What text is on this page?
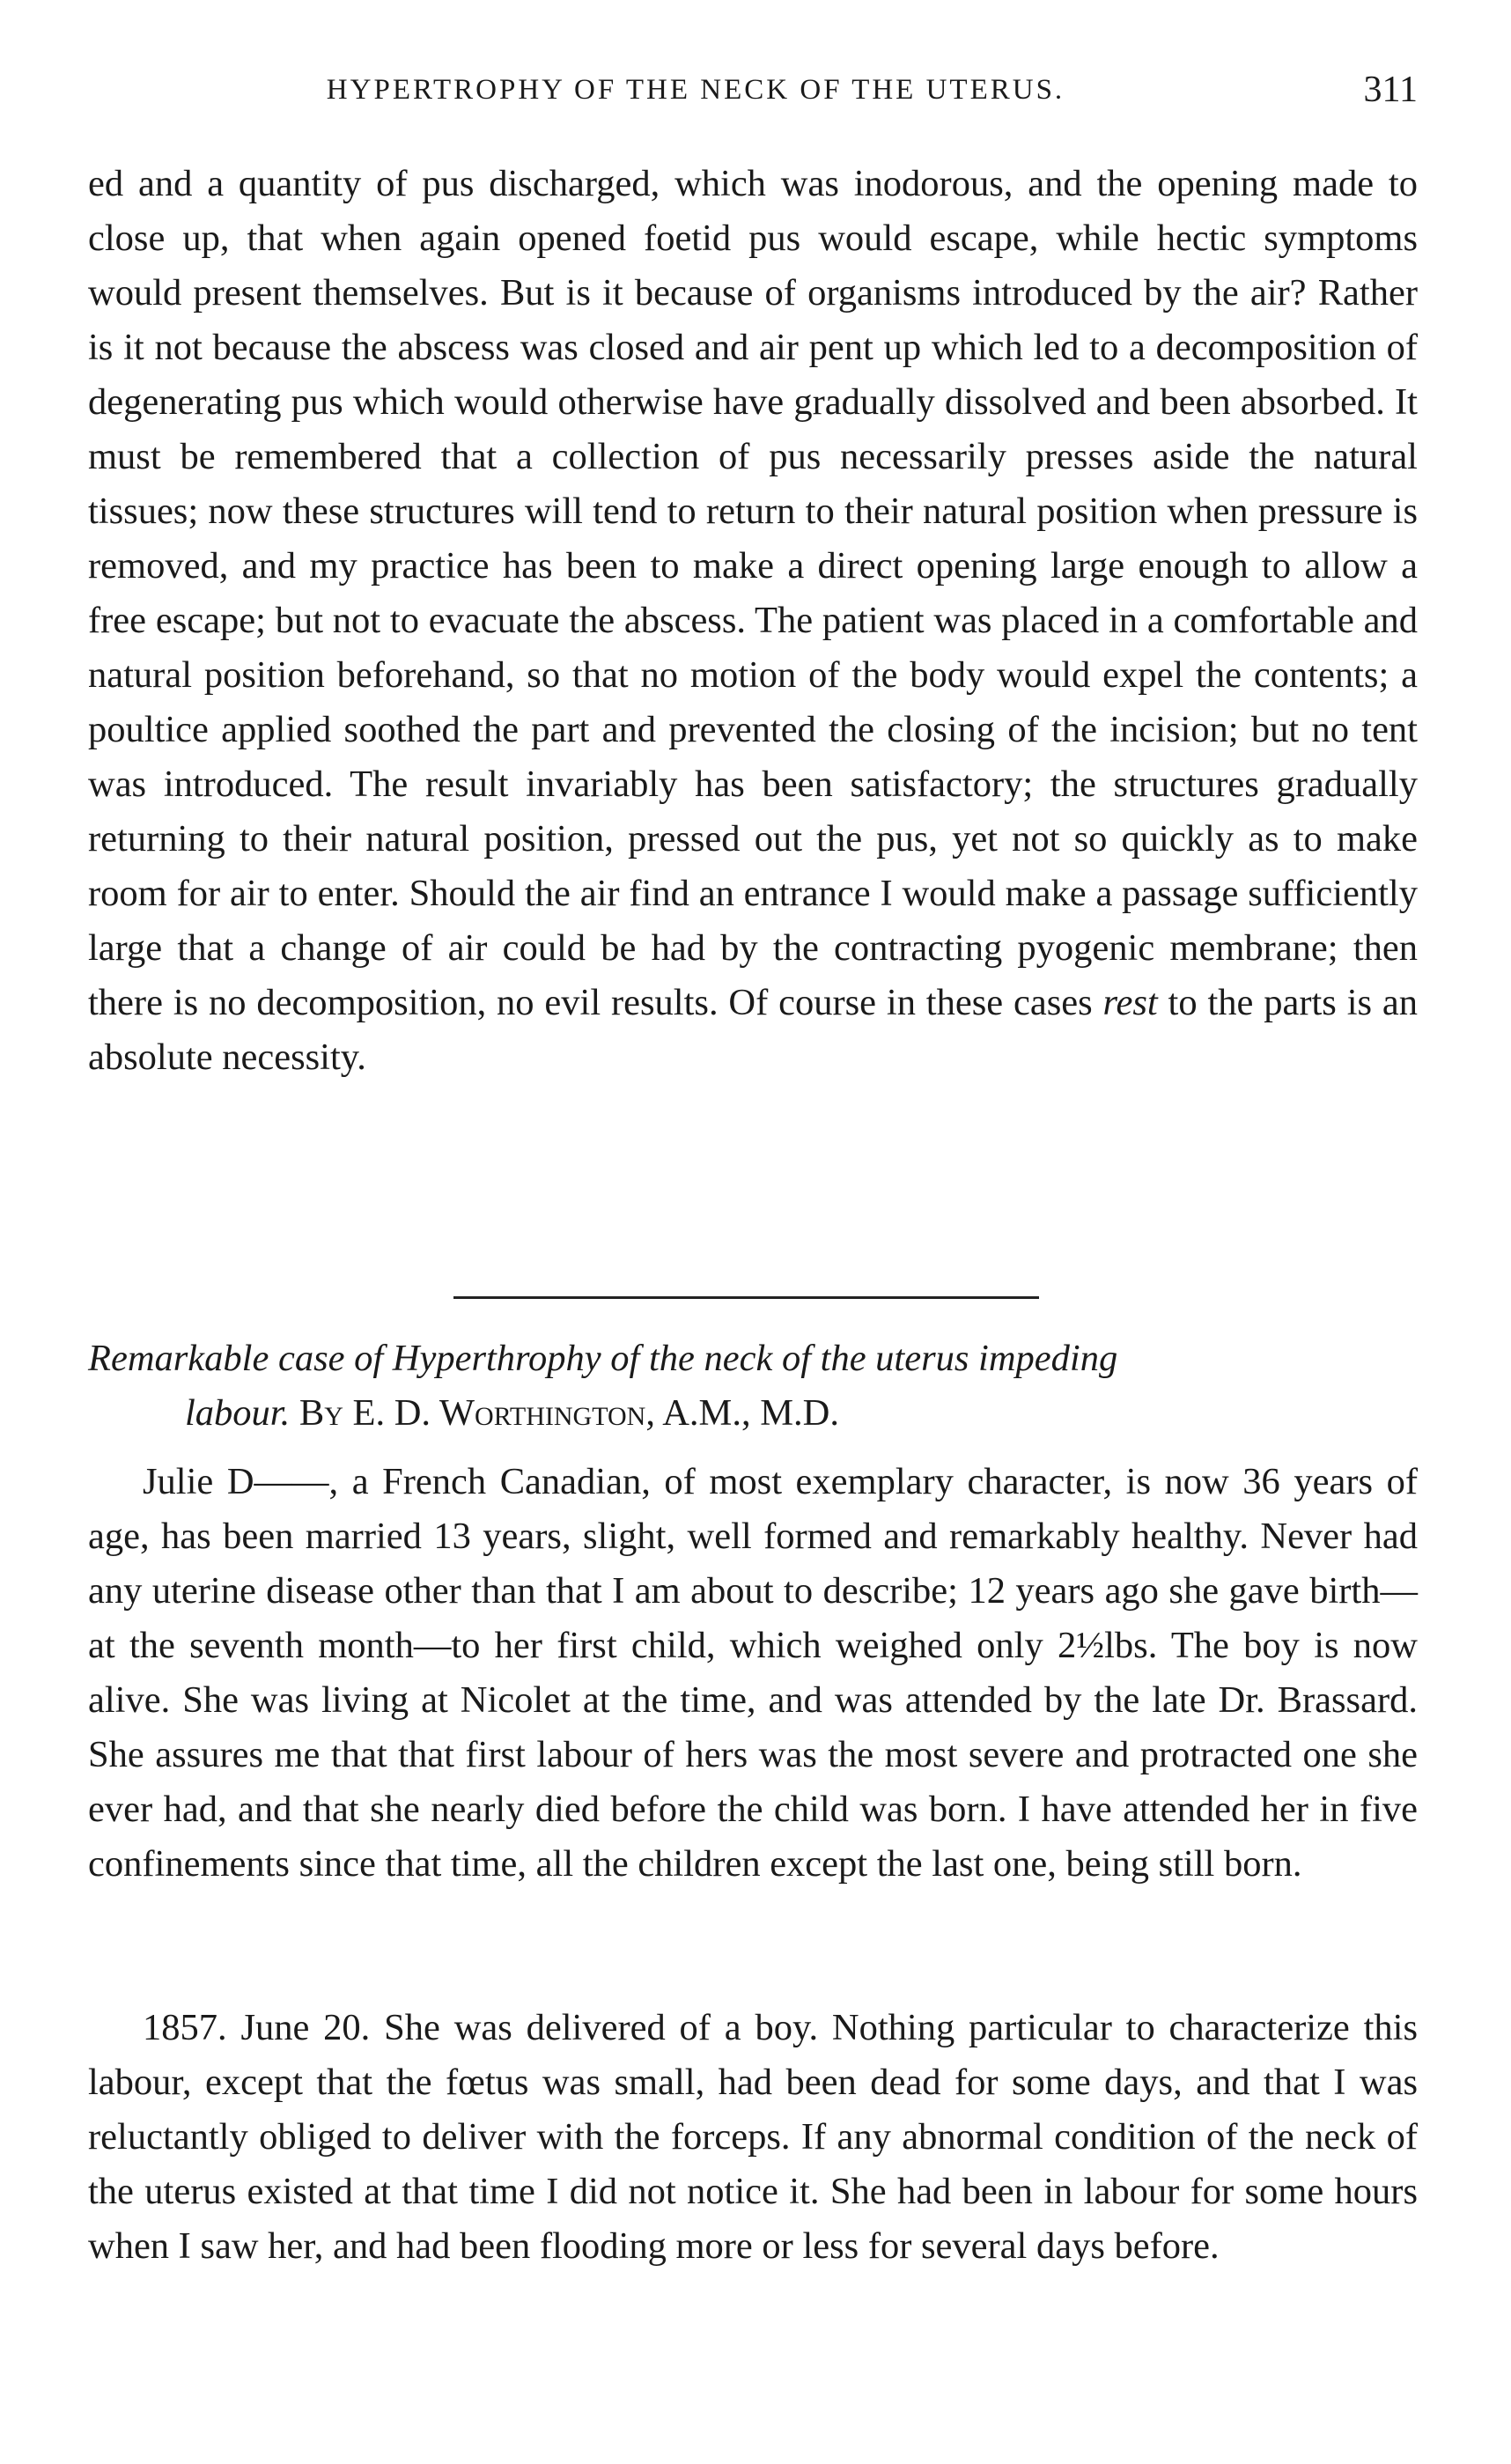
HYPERTROPHY OF THE NECK OF THE UTERUS.	311
ed and a quantity of pus discharged, which was inodorous, and the opening made to close up, that when again opened foetid pus would escape, while hectic symptoms would present themselves. But is it because of organisms introduced by the air? Rather is it not because the abscess was closed and air pent up which led to a decomposition of degenerating pus which would otherwise have gradually dissolved and been absorbed. It must be remembered that a collection of pus necessarily presses aside the natural tissues; now these structures will tend to return to their natural position when pressure is removed, and my practice has been to make a direct opening large enough to allow a free escape; but not to evacuate the abscess. The patient was placed in a comfortable and natural position beforehand, so that no motion of the body would expel the contents; a poultice applied soothed the part and prevented the closing of the incision; but no tent was introduced. The result invariably has been satisfactory; the structures gradually returning to their natural position, pressed out the pus, yet not so quickly as to make room for air to enter. Should the air find an entrance I would make a passage sufficiently large that a change of air could be had by the contracting pyogenic membrane; then there is no decomposition, no evil results. Of course in these cases rest to the parts is an absolute necessity.
Remarkable case of Hyperthrophy of the neck of the uterus impeding
labour. By E. D. Worthington, A.M., M.D.

Julie D——, a French Canadian, of most exemplary character, is now 36 years of age, has been married 13 years, slight, well formed and remarkably healthy. Never had any uterine disease other than that I am about to describe; 12 years ago she gave birth—at the seventh month—to her first child, which weighed only 2½lbs. The boy is now alive. She was living at Nicolet at the time, and was attended by the late Dr. Brassard. She assures me that that first labour of hers was the most severe and protracted one she ever had, and that she nearly died before the child was born. I have attended her in five confinements since that time, all the children except the last one, being still born.

1857. June 20. She was delivered of a boy. Nothing particular to characterize this labour, except that the fœtus was small, had been dead for some days, and that I was reluctantly obliged to deliver with the forceps. If any abnormal condition of the neck of the uterus existed at that time I did not notice it. She had been in labour for some hours when I saw her, and had been flooding more or less for several days before.
